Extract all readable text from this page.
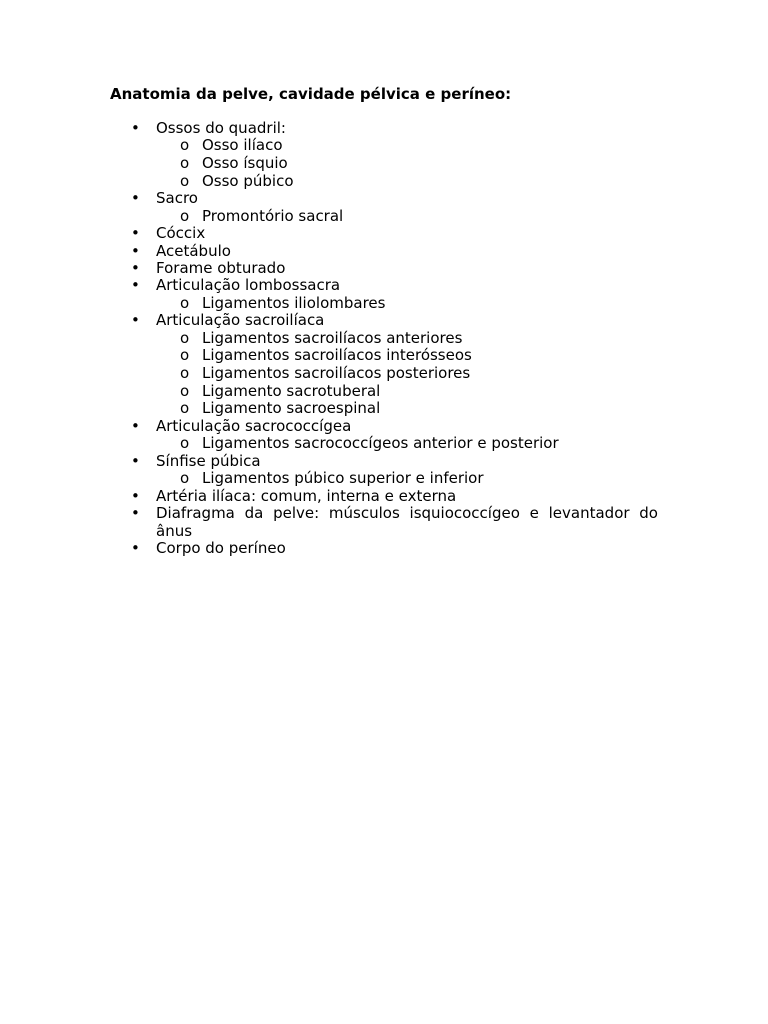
Anatomia da pelve, cavidade pélvica e períneo:
• Ossos do quadril:
o Osso ilíaco
o Osso ísquio
o Osso púbico
• Sacro
o Promontório sacral
• Cóccix
• Acetábulo
• Forame obturado
• Articulação lombossacra
o Ligamentos iliolombares
• Articulação sacroilíaca
o Ligamentos sacroilíacos anteriores
o Ligamentos sacroilíacos interósseos
o Ligamentos sacroilíacos posteriores
o Ligamento sacrotuberal
o Ligamento sacroespinal
• Articulação sacrococcígea
o Ligamentos sacrococcígeos anterior e posterior
• Sínfise púbica
o Ligamentos púbico superior e inferior
• Artéria ilíaca: comum, interna e externa
• Diafragma da pelve: músculos isquiococcígeo e levantador do ânus
• Corpo do períneo
